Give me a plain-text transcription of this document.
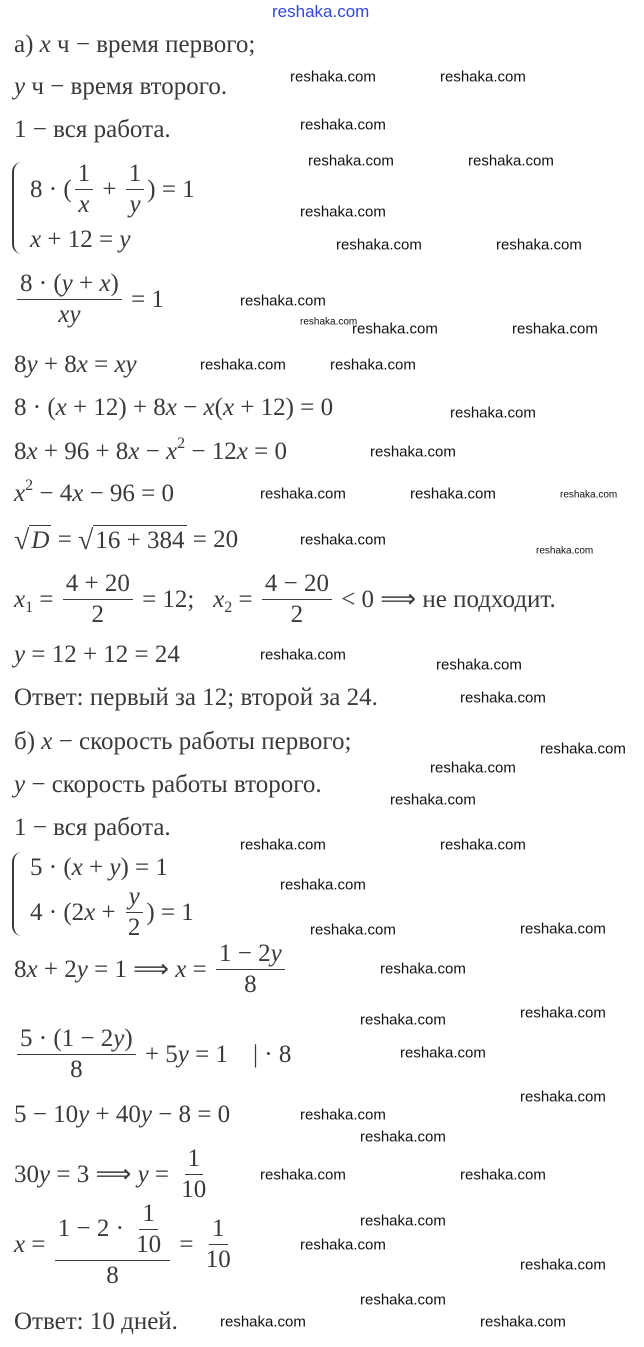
а) x ч − время первого;
y ч − время второго.
1 − вся работа.
8 · ( $\frac{1}{x} + \frac{1}{y}$ ) = 1
x + 12 = y
$\frac{8 \cdot ( y + x )}{xy} = 1$
8 y + 8 x = xy
8 · ( x + 12) + 8 x − x ( x + 12) = 0
8 x + 96 + 8 x − x 2 − 12 x = 0
x 2 − 4 x − 96 = 0
√ D = √ 16 + 384 = 20
x $1 = \frac{4 + 20}{2} = 12$; x $2 = \frac{4 - 20}{2} < 0$ ⟹ не подходит.
y = 12 + 12 = 24
Ответ: первый за 12; второй за 24.
б) x − скорость работы первого;
y − скорость работы второго.
1 − вся работа.
5 · ( x + y ) = 1
4 · (2 $x + \frac{y}{2}$ ) = 1
8 x + 2 y = 1 ⟹ $x = \frac{1 - 2 y}{8}$
$\frac{5 \cdot (1 - 2 y )}{8} + 5$ y = 1    | · 8
5 − 10 y + 40 y − 8 = 0
30 y = 3 ⟹ $y = \frac{1}{10}$
$x = \frac{1 - 2 \cdot \frac{1}{10}}{8} = \frac{1}{10}$
Ответ: 10 дней.
reshaka.com
reshaka.com	reshaka.com
reshaka.com
reshaka.com	reshaka.com
reshaka.com
reshaka.com	reshaka.com
reshaka.com
reshaka.com
reshaka.com	reshaka.com
reshaka.com	reshaka.com
reshaka.com
reshaka.com
reshaka.com	reshaka.com	reshaka.com
reshaka.com
reshaka.com
reshaka.com
reshaka.com
reshaka.com
reshaka.com
reshaka.com
reshaka.com
reshaka.com
reshaka.com
reshaka.com
reshaka.com
reshaka.com
reshaka.com
reshaka.com
reshaka.com
reshaka.com
reshaka.com
reshaka.com
reshaka.com
reshaka.com
reshaka.com
reshaka.com
reshaka.com
reshaka.com
reshaka.com	reshaka.com
reshaka.com
